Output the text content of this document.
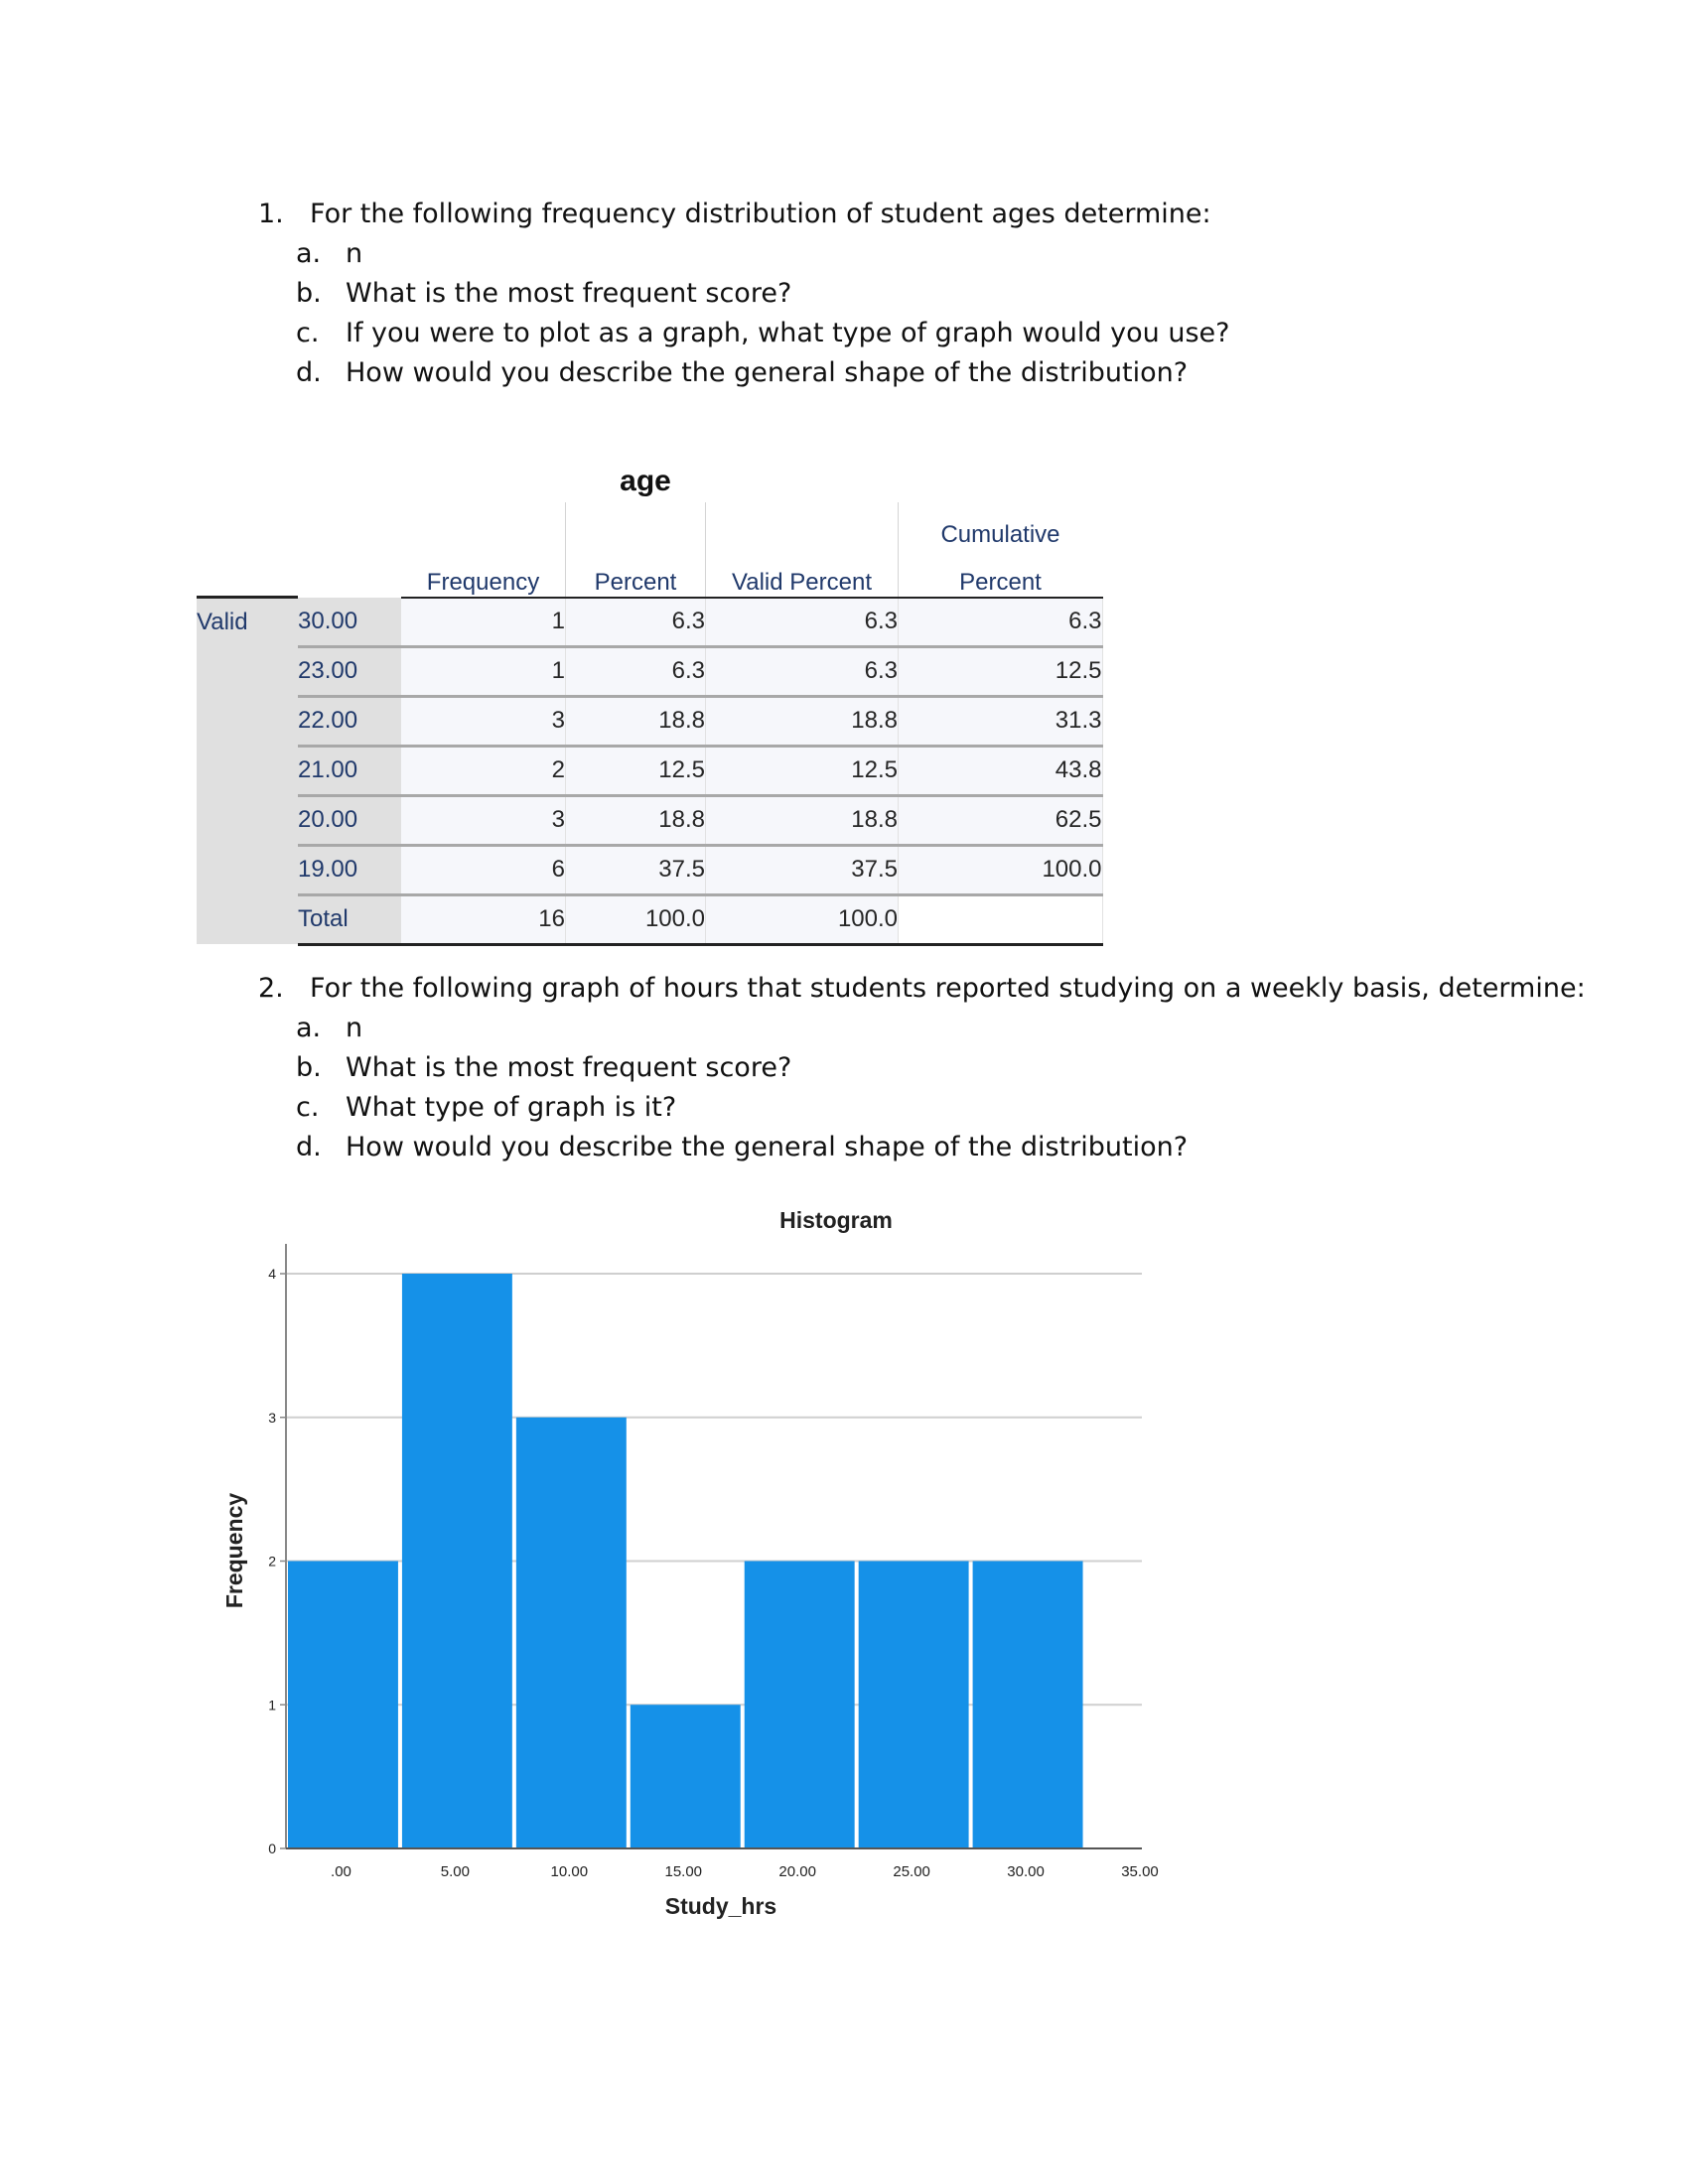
1. For the following frequency distribution of student ages determine:
a. n
b. What is the most frequent score?
c. If you were to plot as a graph, what type of graph would you use?
d. How would you describe the general shape of the distribution?
age
					Cumulative
		Frequency	Percent	Valid Percent	Percent
Valid	30.00	1	6.3	6.3	6.3
	23.00	1	6.3	6.3	12.5
	22.00	3	18.8	18.8	31.3
	21.00	2	12.5	12.5	43.8
	20.00	3	18.8	18.8	62.5
	19.00	6	37.5	37.5	100.0
	Total	16	100.0	100.0	
2. For the following graph of hours that students reported studying on a weekly basis, determine:
a. n
b. What is the most frequent score?
c. What type of graph is it?
d. How would you describe the general shape of the distribution?
0
1
2
3
4
.00	5.00	10.00	15.00	20.00	25.00	30.00	35.00
Histogram
Study_hrs
Frequency
